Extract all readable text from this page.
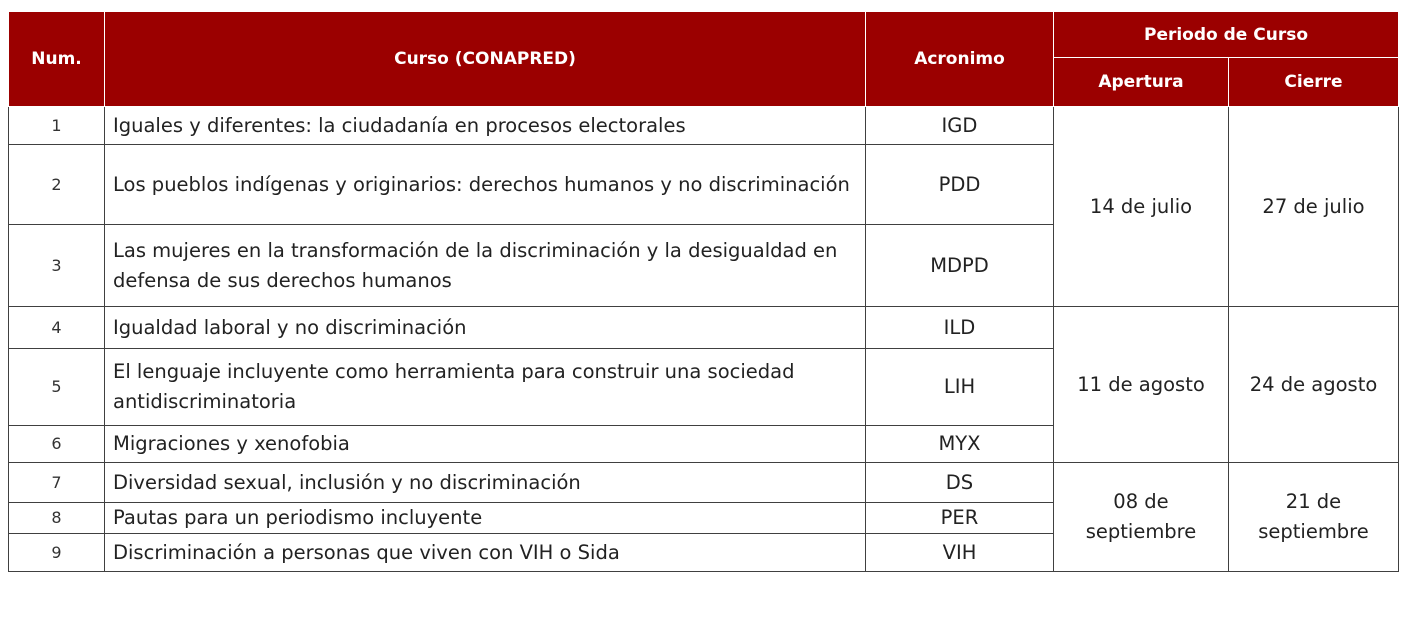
Num.	Curso (CONAPRED)	Acronimo	Periodo de Curso	
			Apertura	Cierre
1	Iguales y diferentes: la ciudadanía en procesos electorales	IGD	14 de julio	27 de julio
2	Los pueblos indígenas y originarios: derechos humanos y no discriminación	PDD		
3	Las mujeres en la transformación de la discriminación y la desigualdad en defensa de sus derechos humanos	MDPD		
4	Igualdad laboral y no discriminación	ILD	11 de agosto	24 de agosto
5	El lenguaje incluyente como herramienta para construir una sociedad antidiscriminatoria	LIH		
6	Migraciones y xenofobia	MYX		
7	Diversidad sexual, inclusión y no discriminación	DS	08 de septiembre	21 de septiembre
8	Pautas para un periodismo incluyente	PER		
9	Discriminación a personas que viven con VIH o Sida	VIH		
